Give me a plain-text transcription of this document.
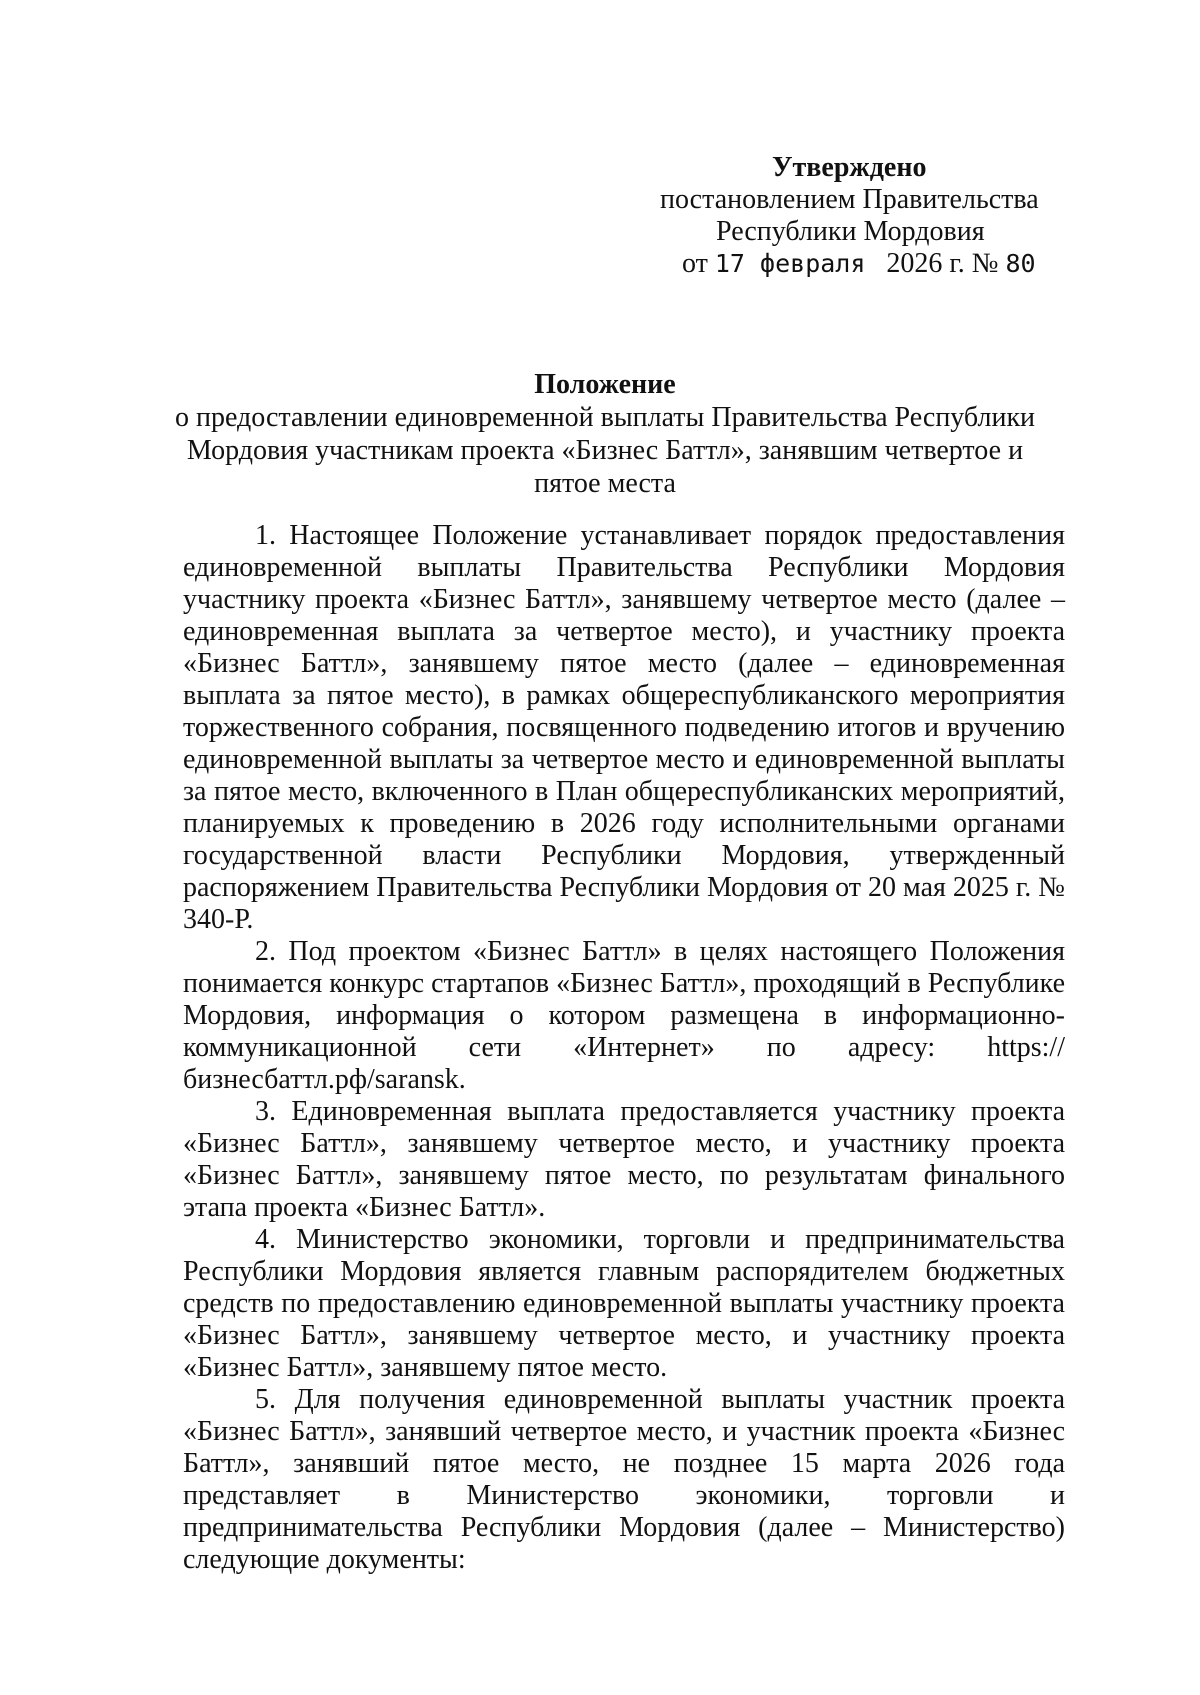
Утверждено
постановлением Правительства
Республики Мордовия
от 17 февраля 2026 г. № 80
Положение
о предоставлении единовременной выплаты Правительства Республики Мордовия участникам проекта «Бизнес Баттл», занявшим четвертое и пятое места

1. Настоящее Положение устанавливает порядок предоставления единовременной выплаты Правительства Республики Мордовия участнику проекта «Бизнес Баттл», занявшему четвертое место (далее – единовременная выплата за четвертое место), и участнику проекта «Бизнес Баттл», занявшему пятое место (далее – единовременная выплата за пятое место), в рамках общереспубликанского мероприятия торжественного собрания, посвященного подведению итогов и вручению единовременной выплаты за четвертое место и единовременной выплаты за пятое место, включенного в План общереспубликанских мероприятий, планируемых к проведению в 2026 году исполнительными органами государственной власти Республики Мордовия, утвержденный распоряжением Правительства Республики Мордовия от 20 мая 2025 г. № 340-Р.

2. Под проектом «Бизнес Баттл» в целях настоящего Положения понимается конкурс стартапов «Бизнес Баттл», проходящий в Республике Мордовия, информация о котором размещена в информационно-коммуникационной сети «Интернет» по адресу: https://бизнесбаттл.рф/saransk.

3. Единовременная выплата предоставляется участнику проекта «Бизнес Баттл», занявшему четвертое место, и участнику проекта «Бизнес Баттл», занявшему пятое место, по результатам финального этапа проекта «Бизнес Баттл».

4. Министерство экономики, торговли и предпринимательства Республики Мордовия является главным распорядителем бюджетных средств по предоставлению единовременной выплаты участнику проекта «Бизнес Баттл», занявшему четвертое место, и участнику проекта «Бизнес Баттл», занявшему пятое место.

5. Для получения единовременной выплаты участник проекта «Бизнес Баттл», занявший четвертое место, и участник проекта «Бизнес Баттл», занявший пятое место, не позднее 15 марта 2026 года представляет в Министерство экономики, торговли и предпринимательства Республики Мордовия (далее – Министерство) следующие документы:
